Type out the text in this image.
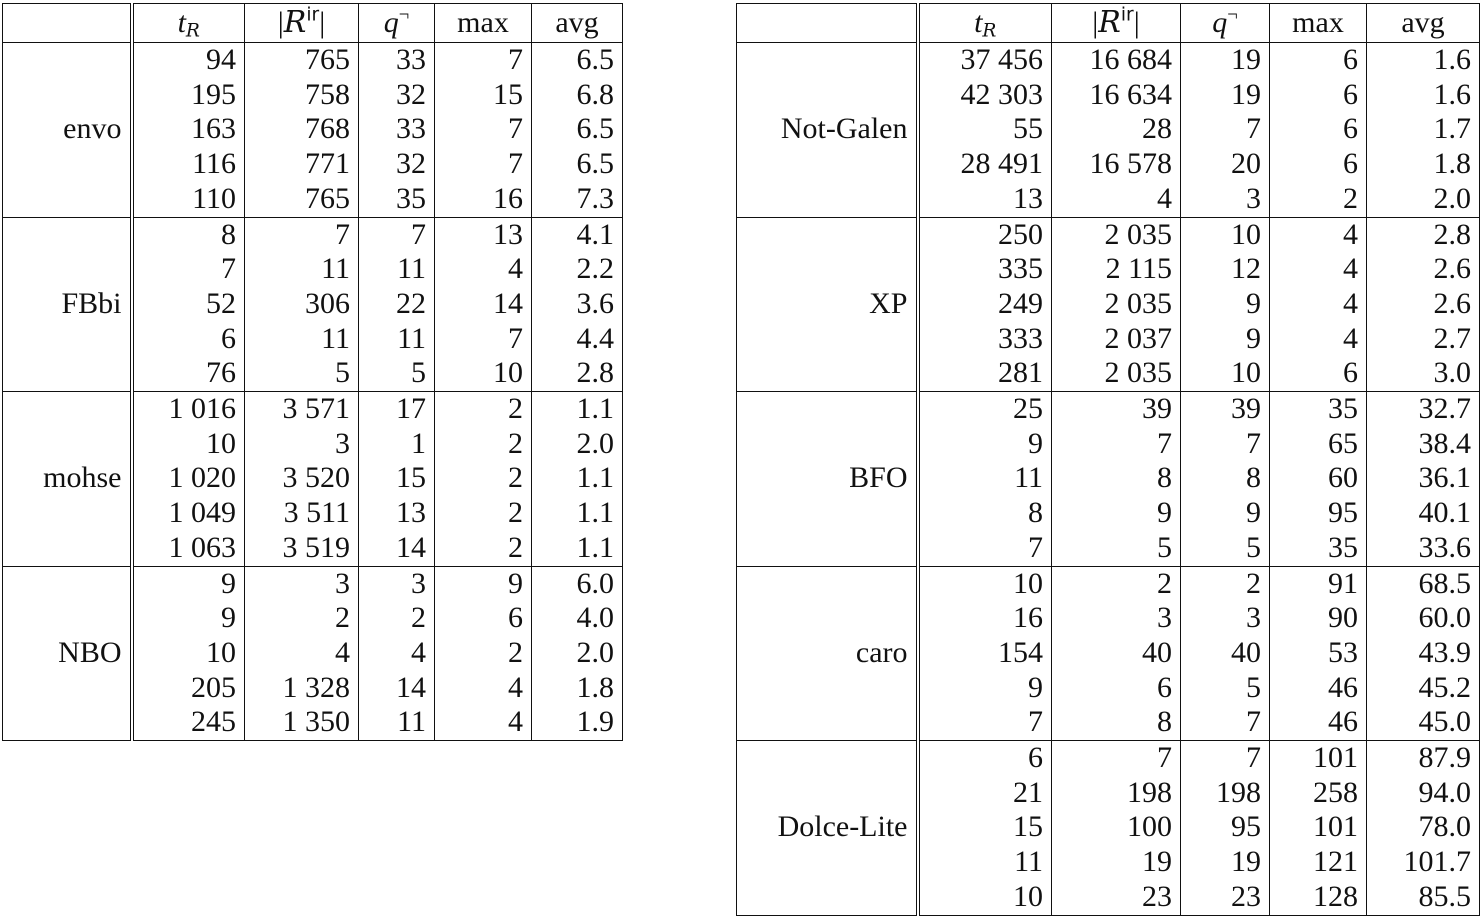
	$t_R$	$|R^{ir}|$	q¬	max	avg
envo	94	765	33	7	6.5
	195	758	32	15	6.8
	163	768	33	7	6.5
	116	771	32	7	6.5
	110	765	35	16	7.3
FBbi	8	7	7	13	4.1
	7	11	11	4	2.2
	52	306	22	14	3.6
	6	11	11	7	4.4
	76	5	5	10	2.8
mohse	1 016	3 571	17	2	1.1
	10	3	1	2	2.0
	1 020	3 520	15	2	1.1
	1 049	3 511	13	2	1.1
	1 063	3 519	14	2	1.1
NBO	9	3	3	9	6.0
	9	2	2	6	4.0
	10	4	4	2	2.0
	205	1 328	14	4	1.8
	245	1 350	11	4	1.9
	$t_R$	$|R^{ir}|$	q¬	max	avg
Not-Galen	37 456	16 684	19	6	1.6
	42 303	16 634	19	6	1.6
	55	28	7	6	1.7
	28 491	16 578	20	6	1.8
	13	4	3	2	2.0
XP	250	2 035	10	4	2.8
	335	2 115	12	4	2.6
	249	2 035	9	4	2.6
	333	2 037	9	4	2.7
	281	2 035	10	6	3.0
BFO	25	39	39	35	32.7
	9	7	7	65	38.4
	11	8	8	60	36.1
	8	9	9	95	40.1
	7	5	5	35	33.6
caro	10	2	2	91	68.5
	16	3	3	90	60.0
	154	40	40	53	43.9
	9	6	5	46	45.2
	7	8	7	46	45.0
Dolce-Lite	6	7	7	101	87.9
	21	198	198	258	94.0
	15	100	95	101	78.0
	11	19	19	121	101.7
	10	23	23	128	85.5
